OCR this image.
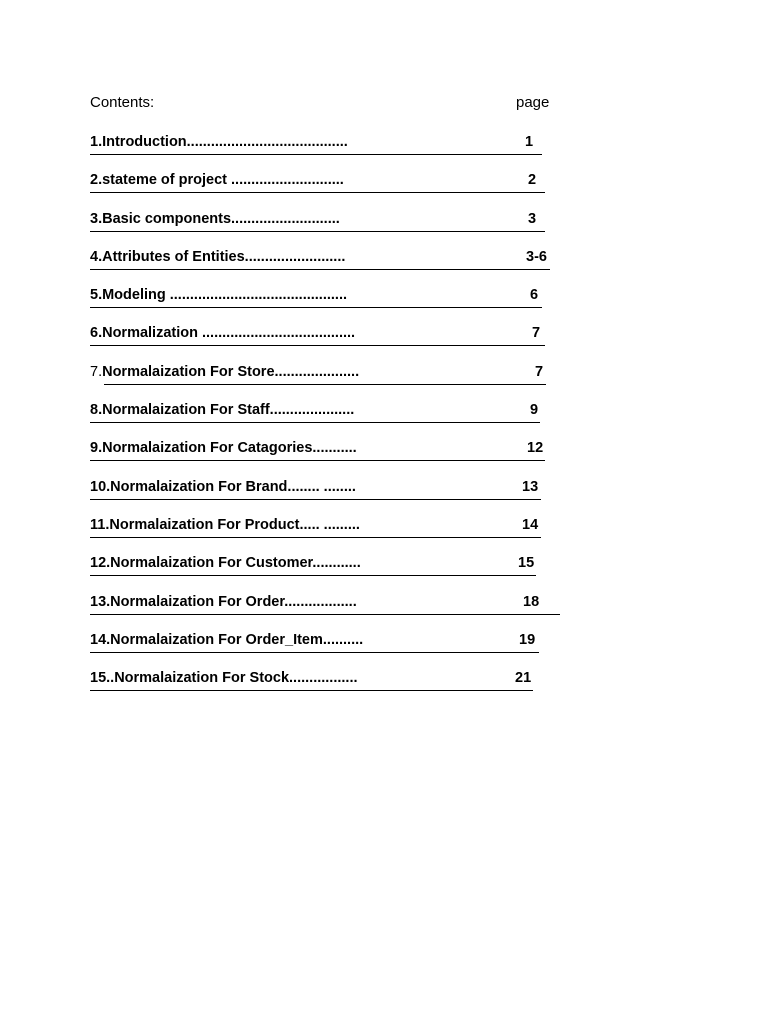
Contents:	page
1.Introduction........................................	1
2.stateme of project ............................	2
3.Basic components...........................	3
4.Attributes of Entities.........................	3-6
5.Modeling ............................................	6
6.Normalization ......................................	7
7.Normalaization For Store.....................	7
8.Normalaization For Staff.....................	9
9.Normalaization For Catagories...........	12
10.Normalaization For Brand........ ........	13
11.Normalaization For Product..... .........	14
12.Normalaization For Customer............	15
13.Normalaization For Order..................	18
14.Normalaization For Order_Item..........	19
15..Normalaization For Stock.................	21
